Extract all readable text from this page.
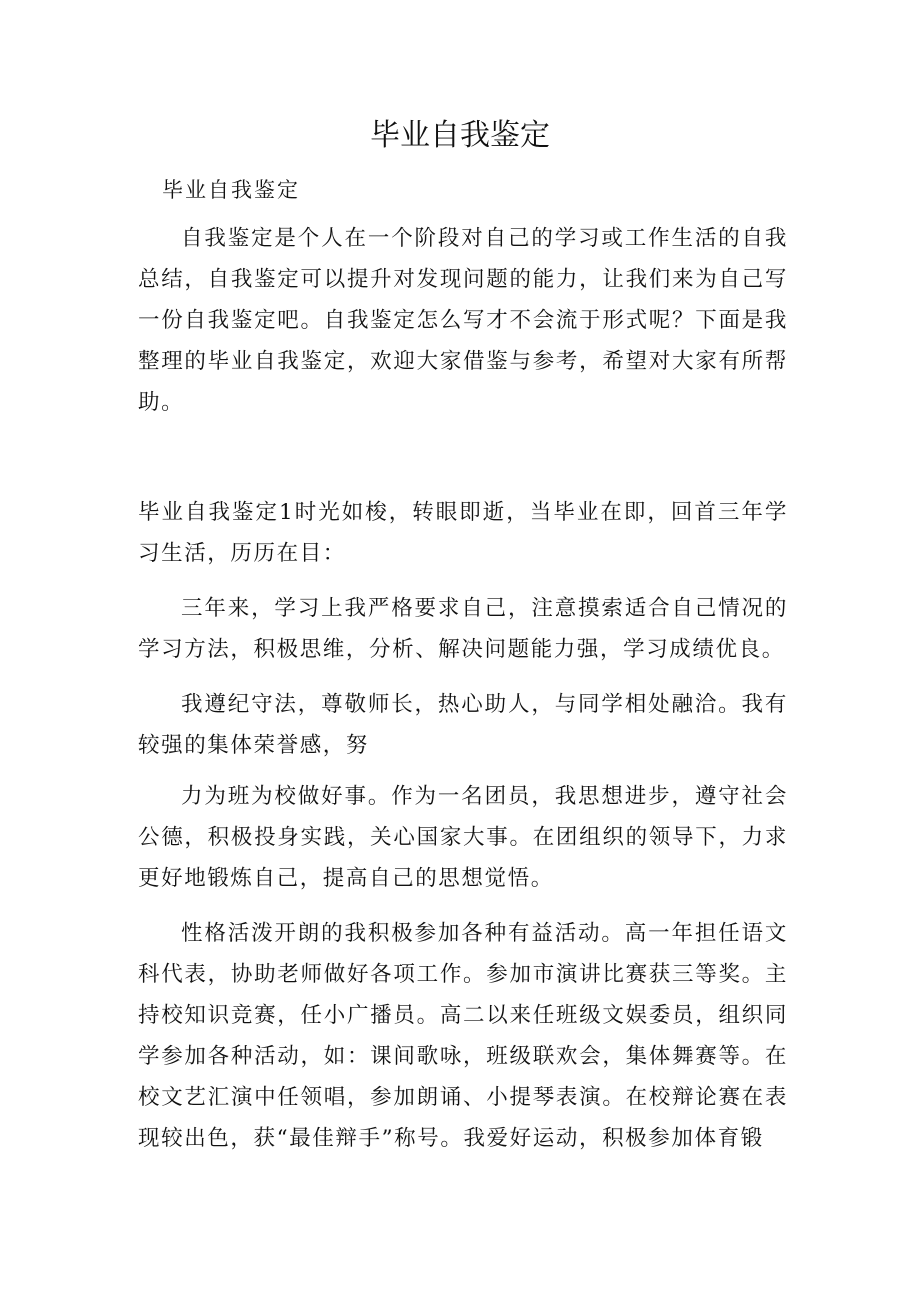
毕业自我鉴定
毕业自我鉴定

自我鉴定是个人在一个阶段对自己的学习或工作生活的自我总结，自我鉴定可以提升对发现问题的能力，让我们来为自己写一份自我鉴定吧。自我鉴定怎么写才不会流于形式呢？下面是我整理的毕业自我鉴定，欢迎大家借鉴与参考，希望对大家有所帮助。

毕业自我鉴定1时光如梭，转眼即逝，当毕业在即，回首三年学习生活，历历在目：

三年来，学习上我严格要求自己，注意摸索适合自己情况的学习方法，积极思维，分析、解决问题能力强，学习成绩优良。

我遵纪守法，尊敬师长，热心助人，与同学相处融洽。我有较强的集体荣誉感，努

力为班为校做好事。作为一名团员，我思想进步，遵守社会公德，积极投身实践，关心国家大事。在团组织的领导下，力求更好地锻炼自己，提高自己的思想觉悟。

性格活泼开朗的我积极参加各种有益活动。高一年担任语文科代表，协助老师做好各项工作。参加市演讲比赛获三等奖。主持校知识竞赛，任小广播员。高二以来任班级文娱委员，组织同学参加各种活动，如：课间歌咏，班级联欢会，集体舞赛等。在校文艺汇演中任领唱，参加朗诵、小提琴表演。在校辩论赛在表现较出色，获“最佳辩手”称号。我爱好运动，积极参加体育锻
